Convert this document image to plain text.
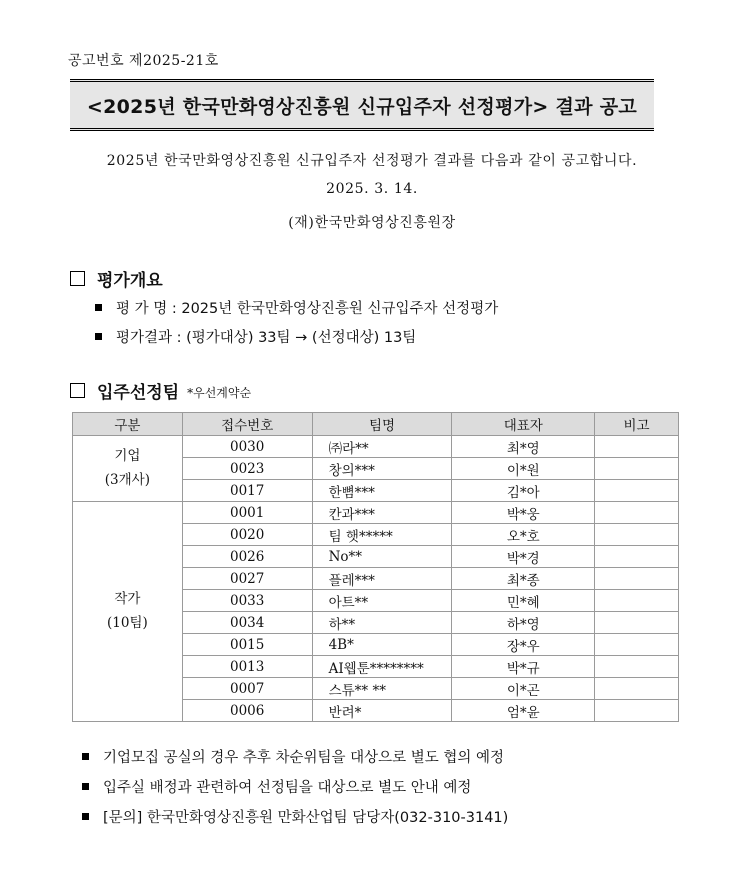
공고번호 제2025-21호
<2025년 한국만화영상진흥원 신규입주자 선정평가> 결과 공고
2025년 한국만화영상진흥원 신규입주자 선정평가 결과를 다음과 같이 공고합니다.
2025. 3. 14.
(재)한국만화영상진흥원장
평가개요
평 가 명 : 2025년 한국만화영상진흥원 신규입주자 선정평가
평가결과 : (평가대상) 33팀 → (선정대상) 13팀
입주선정팀 *우선계약순
구분	접수번호	팀명	대표자	비고

기업
(3개사)	0030	㈜라**	최*영	
	0023	창의***	이*원	
	0017	한뼘***	김*아	

작가
(10팀)	0001	칸과***	박*웅	
	0020	팀 햇*****	오*호	
	0026	No**	박*경	
	0027	플레***	최*종	
	0033	아트**	민*혜	
	0034	하**	하*영	
	0015	4B*	장*우	
	0013	AI웹툰********	박*규	
	0007	스튜** **	이*곤	
	0006	반려*	엄*윤	
기업모집 공실의 경우 추후 차순위팀을 대상으로 별도 협의 예정
입주실 배정과 관련하여 선정팀을 대상으로 별도 안내 예정
[문의] 한국만화영상진흥원 만화산업팀 담당자(032-310-3141)
